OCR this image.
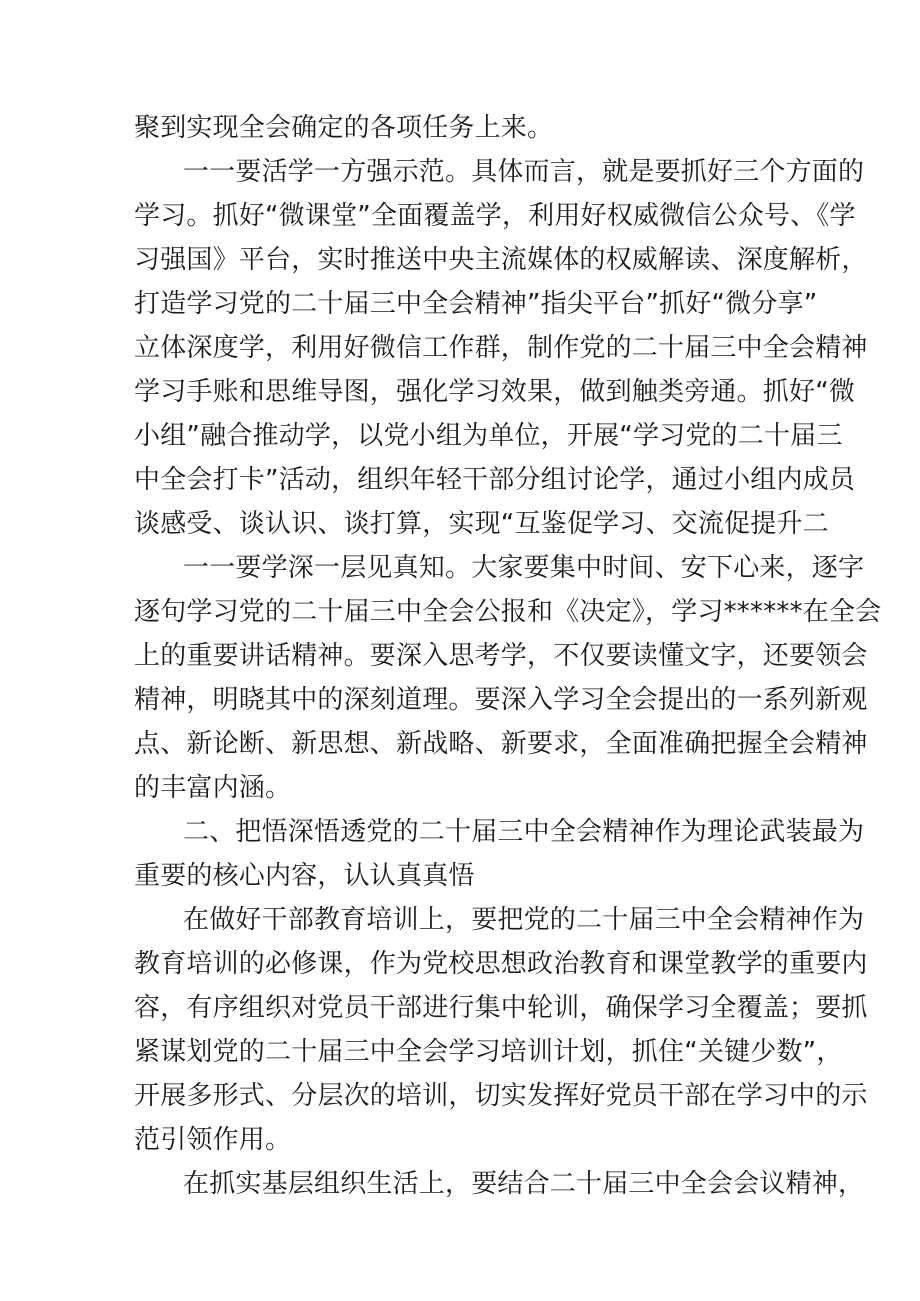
聚到实现全会确定的各项任务上来。
一一要活学一方强示范。具体而言，就是要抓好三个方面的
学习。抓好“微课堂”全面覆盖学，利用好权威微信公众号、《学
习强国》平台，实时推送中央主流媒体的权威解读、深度解析，
打造学习党的二十届三中全会精神”指尖平台”抓好“微分享”
立体深度学，利用好微信工作群，制作党的二十届三中全会精神
学习手账和思维导图，强化学习效果，做到触类旁通。抓好“微
小组”融合推动学，以党小组为单位，开展“学习党的二十届三
中全会打卡”活动，组织年轻干部分组讨论学，通过小组内成员
谈感受、谈认识、谈打算，实现“互鉴促学习、交流促提升二
一一要学深一层见真知。大家要集中时间、安下心来，逐字
逐句学习党的二十届三中全会公报和《决定》，学习******在全会
上的重要讲话精神。要深入思考学，不仅要读懂文字，还要领会
精神，明晓其中的深刻道理。要深入学习全会提出的一系列新观
点、新论断、新思想、新战略、新要求，全面准确把握全会精神
的丰富内涵。
二、把悟深悟透党的二十届三中全会精神作为理论武装最为
重要的核心内容，认认真真悟
在做好干部教育培训上，要把党的二十届三中全会精神作为
教育培训的必修课，作为党校思想政治教育和课堂教学的重要内
容，有序组织对党员干部进行集中轮训，确保学习全覆盖；要抓
紧谋划党的二十届三中全会学习培训计划，抓住“关键少数”，
开展多形式、分层次的培训，切实发挥好党员干部在学习中的示
范引领作用。
在抓实基层组织生活上，要结合二十届三中全会会议精神，
